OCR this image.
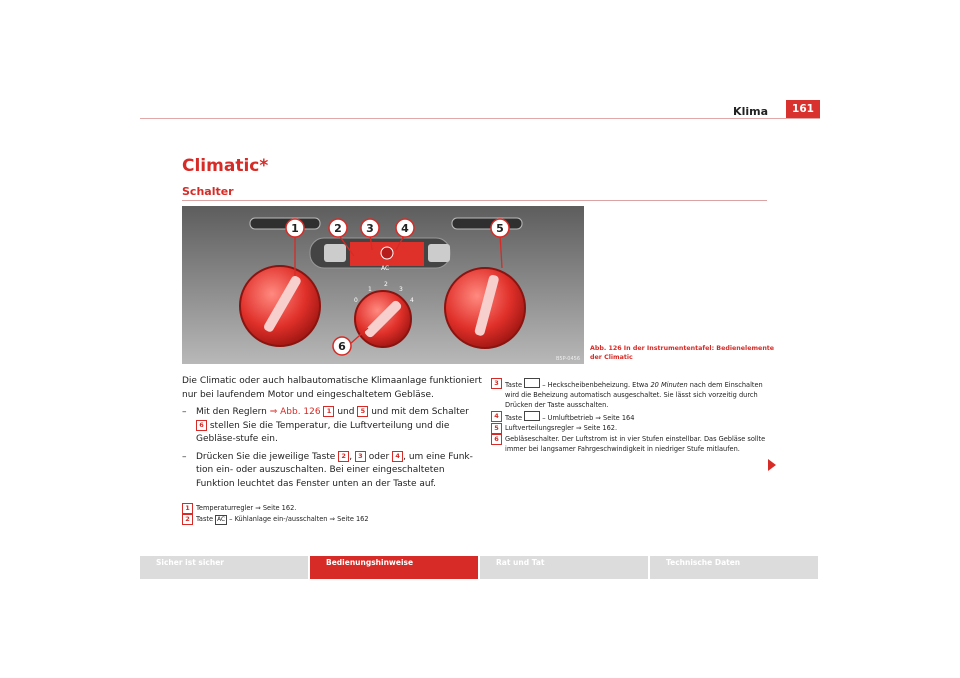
Klima	161
Climatic*
Schalter
AC
0
1
2
3
4
1	2 3 4	5
6
B5P-0456
Abb. 126 In der Instrumententafel: Bedienelemente der Climatic

Die Climatic oder auch halbautomatische Klimaanlage funktioniert nur bei laufendem Motor und eingeschaltetem Gebläse.

–	Mit den Reglern ⇒ Abb. 126 1 und 5 und mit dem Schalter 6 stellen Sie die Temperatur, die Luftverteilung und die Gebläse-stufe ein.
–	Drücken Sie die jeweilige Taste 2 , 3 oder 4 , um eine Funk-tion ein- oder auszuschalten. Bei einer eingeschalteten Funktion leuchtet das Fenster unten an der Taste auf.
1 Temperaturregler ⇒ Seite 162.
2 Taste AC – Kühlanlage ein-/ausschalten ⇒ Seite 162
3 Taste  – Heckscheibenbeheizung. Etwa 20 Minuten nach dem Einschalten wird die Beheizung automatisch ausgeschaltet. Sie lässt sich vorzeitig durch Drücken der Taste ausschalten.
4 Taste  – Umluftbetrieb ⇒ Seite 164
5 Luftverteilungsregler ⇒ Seite 162.
6 Gebläseschalter. Der Luftstrom ist in vier Stufen einstellbar. Das Gebläse sollte immer bei langsamer Fahrgeschwindigkeit in niedriger Stufe mitlaufen.
Sicher ist sicher	Bedienungshinweise	Rat und Tat	Technische Daten
